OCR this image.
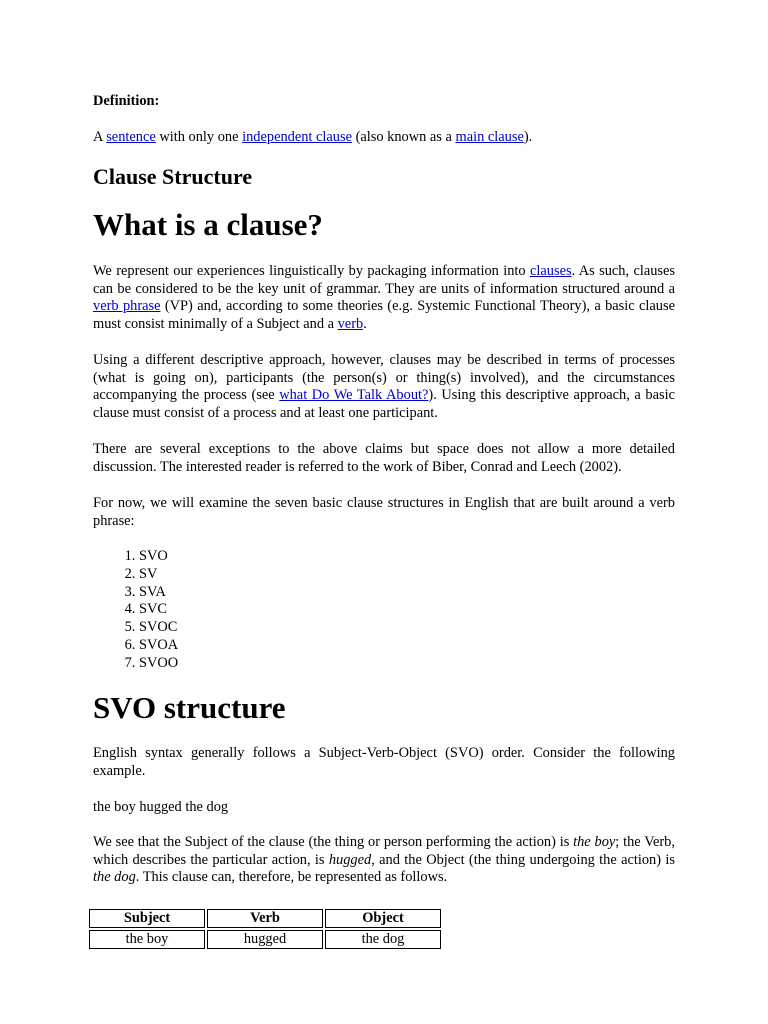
Definition:

A sentence with only one independent clause (also known as a main clause).

Clause Structure
What is a clause?

We represent our experiences linguistically by packaging information into clauses. As such, clauses can be considered to be the key unit of grammar. They are units of information structured around a verb phrase (VP) and, according to some theories (e.g. Systemic Functional Theory), a basic clause must consist minimally of a Subject and a verb.

Using a different descriptive approach, however, clauses may be described in terms of processes (what is going on), participants (the person(s) or thing(s) involved), and the circumstances accompanying the process (see what Do We Talk About?). Using this descriptive approach, a basic clause must consist of a process and at least one participant.

There are several exceptions to the above claims but space does not allow a more detailed discussion. The interested reader is referred to the work of Biber, Conrad and Leech (2002).

For now, we will examine the seven basic clause structures in English that are built around a verb phrase:

1. SVO
2. SV
3. SVA
4. SVC
5. SVOC
6. SVOA
7. SVOO
SVO structure

English syntax generally follows a Subject-Verb-Object (SVO) order. Consider the following example.

the boy hugged the dog

We see that the Subject of the clause (the thing or person performing the action) is the boy; the Verb, which describes the particular action, is hugged, and the Object (the thing undergoing the action) is the dog. This clause can, therefore, be represented as follows.

Subject	Verb	Object
the boy	hugged	the dog
